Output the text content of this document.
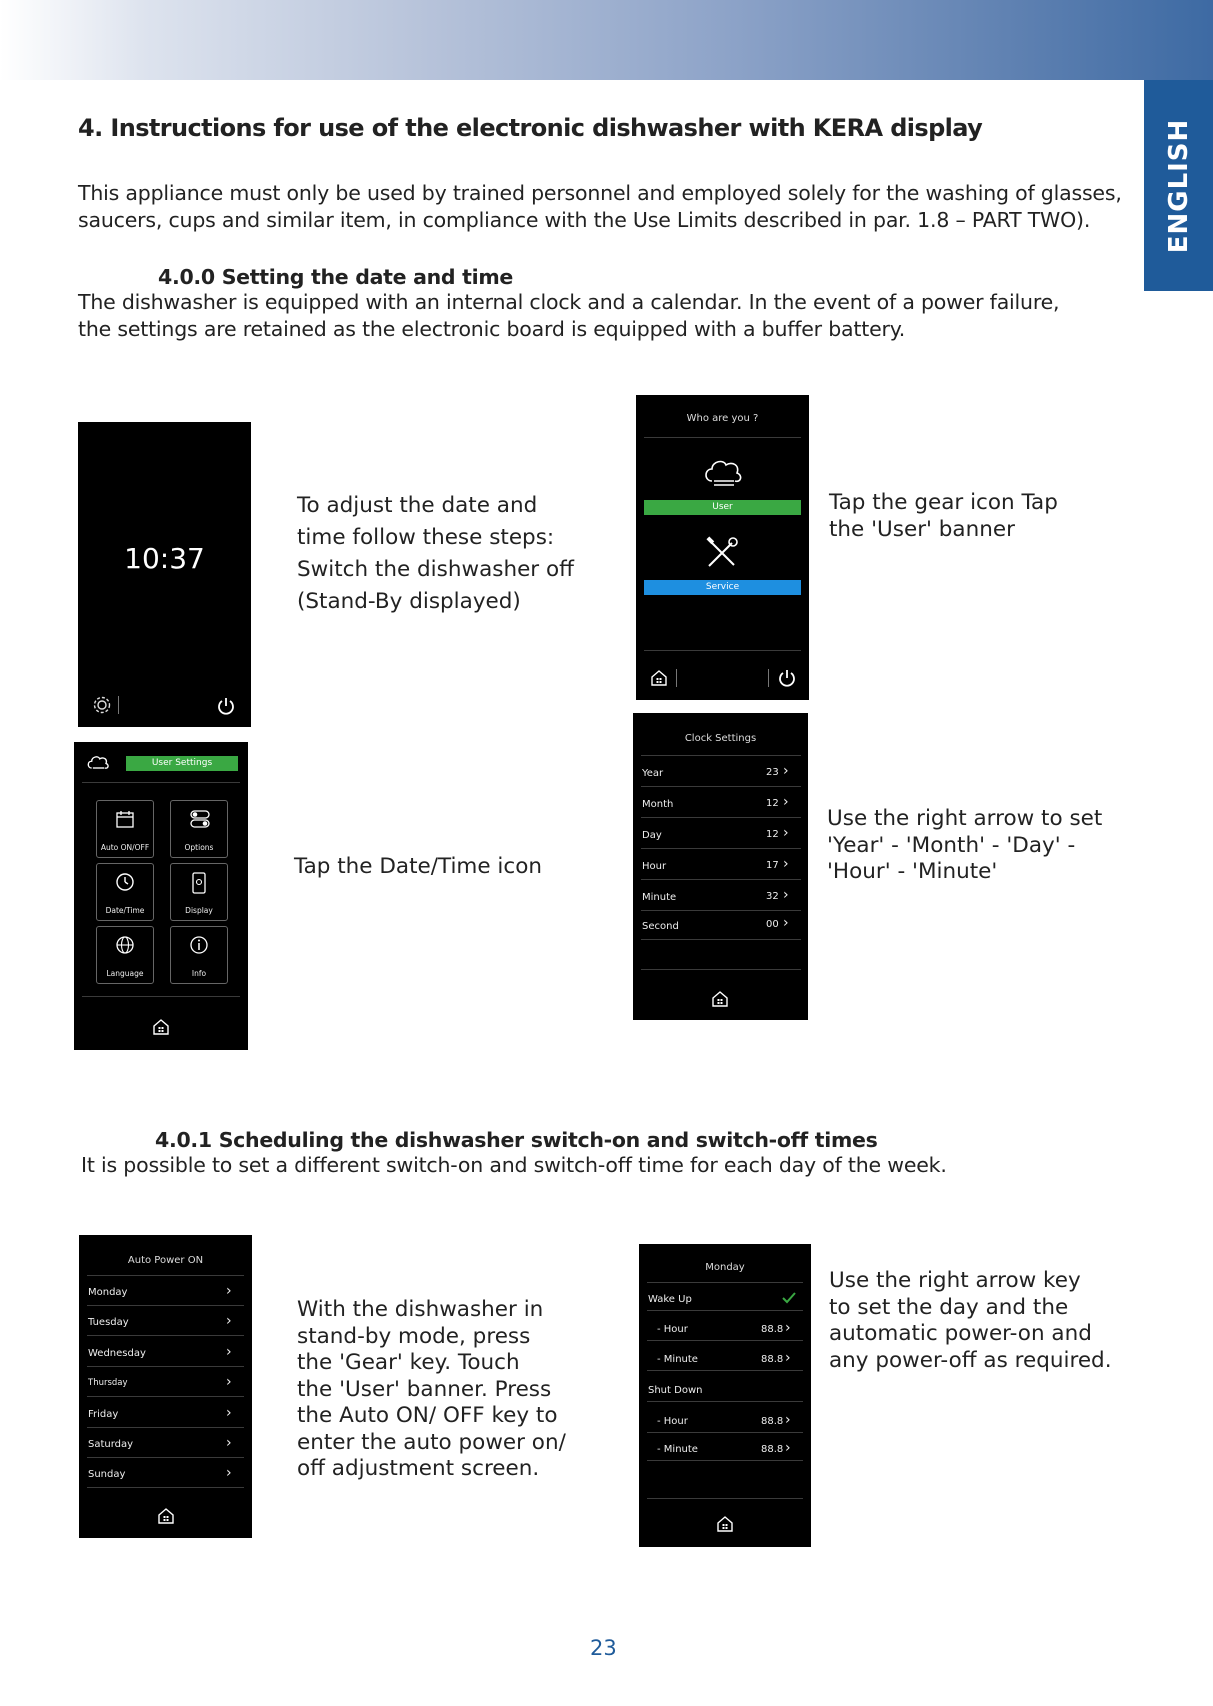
ENGLISH
4. Instructions for use of the electronic dishwasher with KERA display
This appliance must only be used by trained personnel and employed solely for the washing of glasses,
saucers, cups and similar item, in compliance with the Use Limits described in par. 1.8 – PART TWO).
4.0.0 Setting the date and time
The dishwasher is equipped with an internal clock and a calendar. In the event of a power failure,
the settings are retained as the electronic board is equipped with a buffer battery.
10:37
To adjust the date and
time follow these steps:
Switch the dishwasher off
(Stand-By displayed)
Who are you ?
User
Service
Tap the gear icon Tap
the 'User' banner
User Settings
Auto ON/OFF	Options
Date/Time	Display
Language	Info
Tap the Date/Time icon
Clock Settings
Year	23 ›
Month	12 ›
Day	12 ›
Hour	17 ›
Minute	32 ›
Second	00 ›
Use the right arrow to set
'Year' - 'Month' - 'Day' -
'Hour' - 'Minute'
4.0.1 Scheduling the dishwasher switch-on and switch-off times
It is possible to set a different switch-on and switch-off time for each day of the week.
Auto Power ON
Monday	›
Tuesday	›
Wednesday	›
Thursday	›
Friday	›
Saturday	›
Sunday	›
With the dishwasher in
stand-by mode, press
the 'Gear' key. Touch
the 'User' banner. Press
the Auto ON/ OFF key to
enter the auto power on/
off adjustment screen.
Monday
Wake Up
- Hour	88.8 ›
- Minute	88.8 ›
Shut Down
- Hour	88.8 ›
- Minute	88.8 ›
Use the right arrow key
to set the day and the
automatic power-on and
any power-off as required.
23
